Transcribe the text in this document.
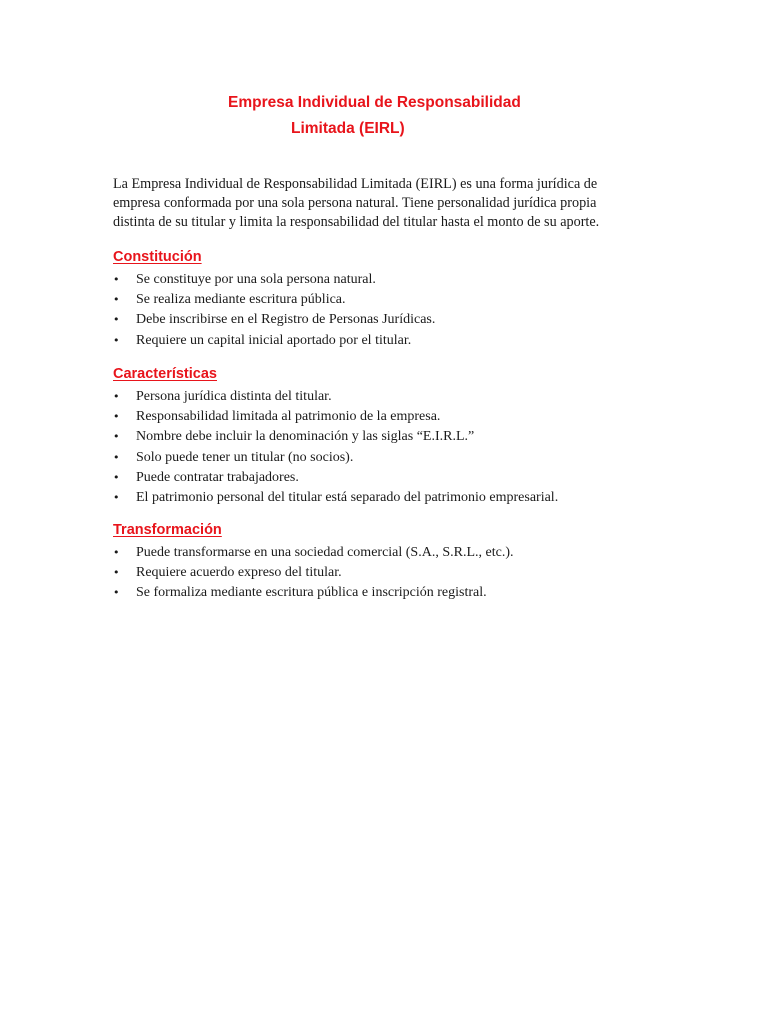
Empresa Individual de Responsabilidad
Limitada (EIRL)

La Empresa Individual de Responsabilidad Limitada (EIRL) es una forma jurídica de
empresa conformada por una sola persona natural. Tiene personalidad jurídica propia
distinta de su titular y limita la responsabilidad del titular hasta el monto de su aporte.

Constitución
• Se constituye por una sola persona natural.
• Se realiza mediante escritura pública.
• Debe inscribirse en el Registro de Personas Jurídicas.
• Requiere un capital inicial aportado por el titular.
Características
• Persona jurídica distinta del titular.
• Responsabilidad limitada al patrimonio de la empresa.
• Nombre debe incluir la denominación y las siglas “E.I.R.L.”
• Solo puede tener un titular (no socios).
• Puede contratar trabajadores.
• El patrimonio personal del titular está separado del patrimonio empresarial.
Transformación
• Puede transformarse en una sociedad comercial (S.A., S.R.L., etc.).
• Requiere acuerdo expreso del titular.
• Se formaliza mediante escritura pública e inscripción registral.
